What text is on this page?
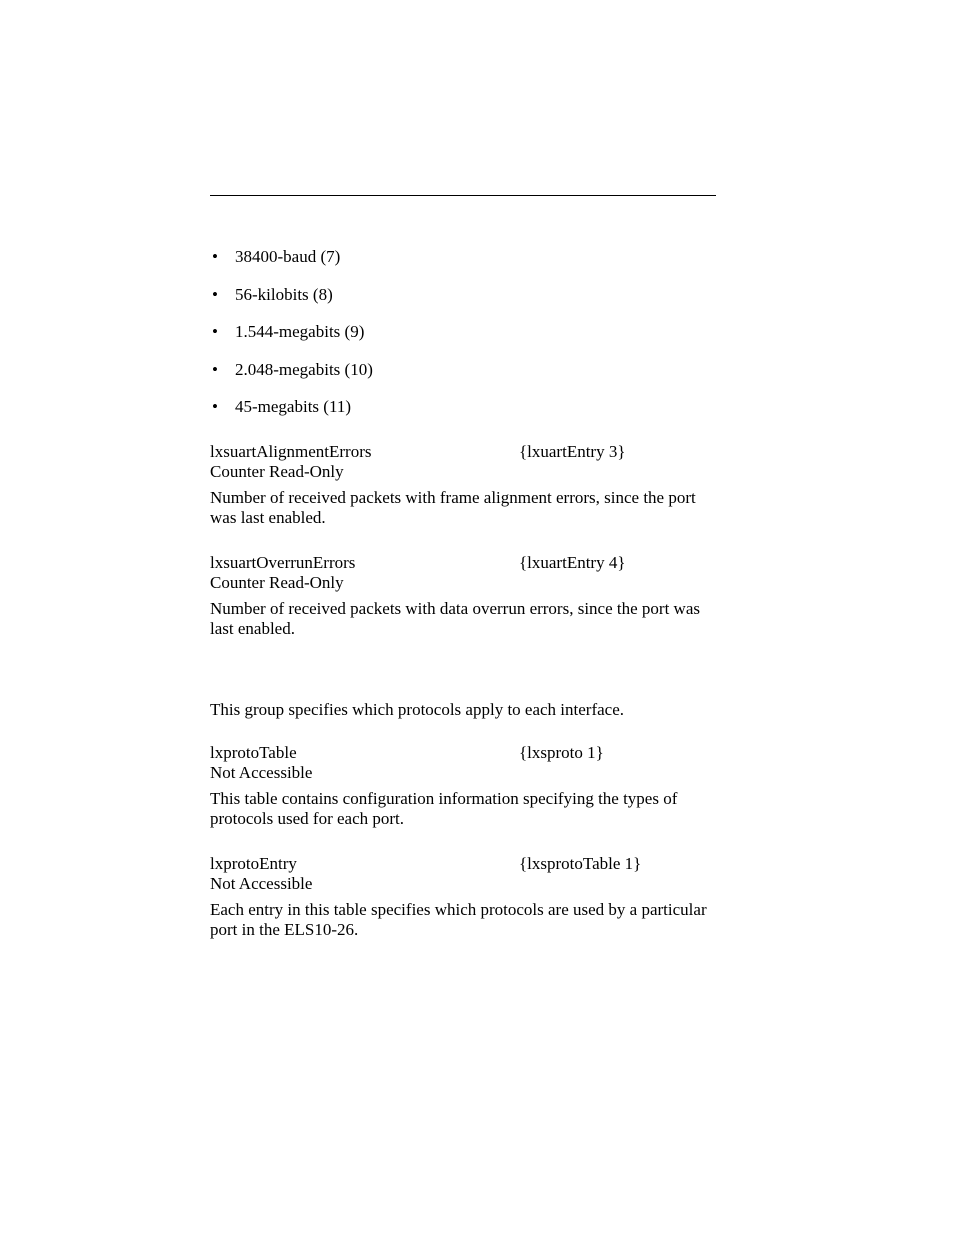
• 38400-baud (7)
• 56-kilobits (8)
• 1.544-megabits (9)
• 2.048-megabits (10)
• 45-megabits (11)
lxsuartAlignmentErrors	{lxuartEntry 3}
Counter Read-Only
Number of received packets with frame alignment errors, since the port was last enabled.
lxsuartOverrunErrors	{lxuartEntry 4}
Counter Read-Only
Number of received packets with data overrun errors, since the port was last enabled.
This group specifies which protocols apply to each interface.
lxprotoTable	{lxsproto 1}
Not Accessible
This table contains configuration information specifying the types of protocols used for each port.
lxprotoEntry	{lxsprotoTable 1}
Not Accessible
Each entry in this table specifies which protocols are used by a particular port in the ELS10-26.
